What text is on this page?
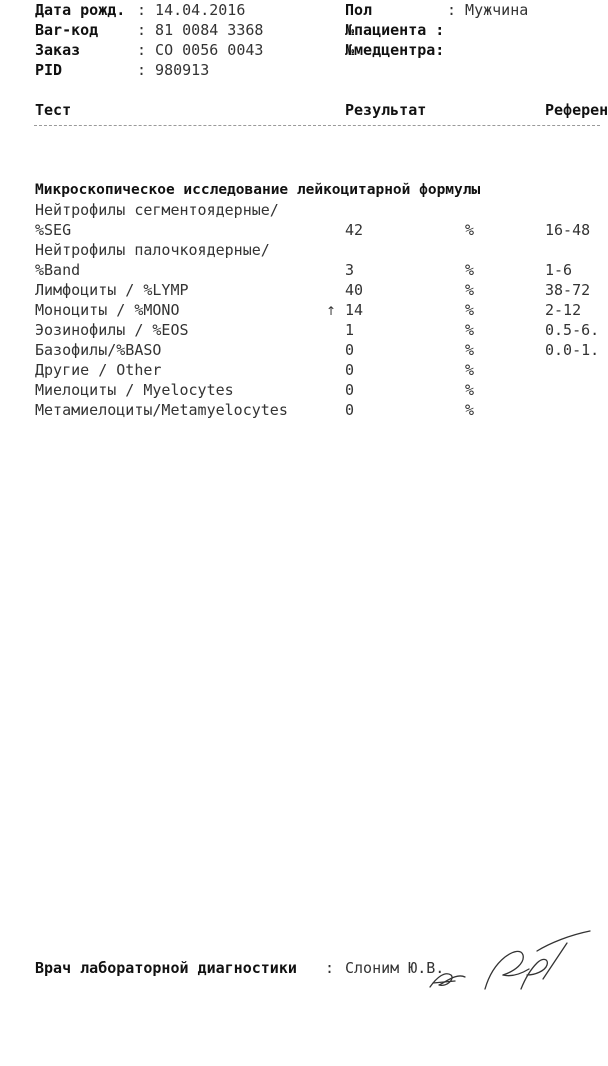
Дата рожд. : 14.04.2016
Bar-код	: 81 0084 3368
Заказ	: CO 0056 0043
PID	: 980913
Пол	: Мужчина
№пациента :
№медцентра:
Тест	Результат	Референ
Микроскопическое исследование лейкоцитарной формулы
Нейтрофилы сегментоядерные/
%SEG	42	%	16-48
Нейтрофилы палочкоядерные/
%Band	3	%	1-6
Лимфоциты / %LYMP	40	%	38-72
Моноциты / %MONO	↑ 14	%	2-12
Эозинофилы / %EOS	1	%	0.5-6.
Базофилы/%BASO	0	%	0.0-1.
Другие / Other	0	%
Миелоциты / Myelocytes	0	%
Метамиелоциты/Metamyelocytes	0	%
Врач лабораторной диагностики : Слоним Ю.В.
